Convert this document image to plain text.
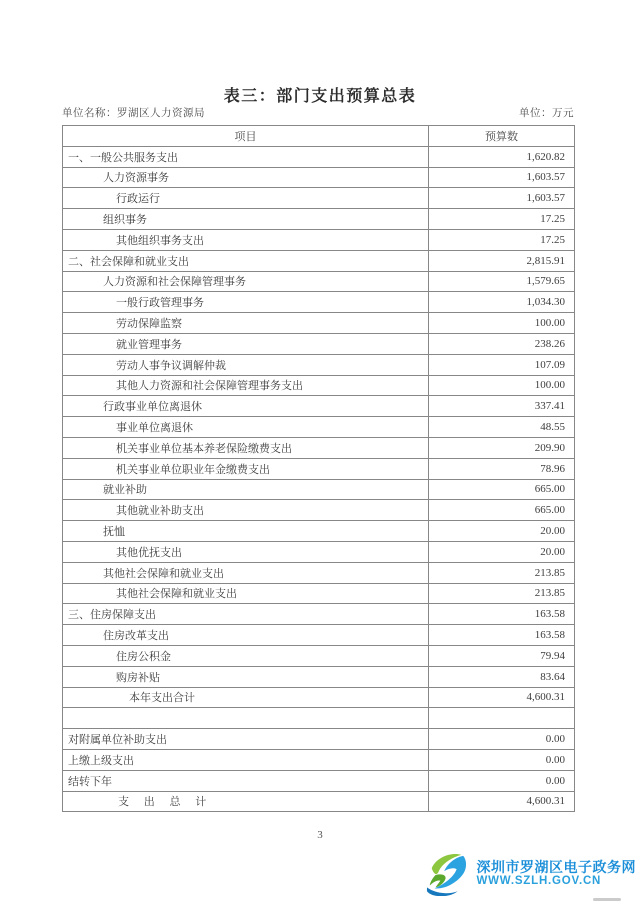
表三：部门支出预算总表
单位名称：罗湖区人力资源局	单位：万元
项目	预算数
一、一般公共服务支出	1,620.82
人力资源事务	1,603.57
行政运行	1,603.57
组织事务	17.25
其他组织事务支出	17.25
二、社会保障和就业支出	2,815.91
人力资源和社会保障管理事务	1,579.65
一般行政管理事务	1,034.30
劳动保障监察	100.00
就业管理事务	238.26
劳动人事争议调解仲裁	107.09
其他人力资源和社会保障管理事务支出	100.00
行政事业单位离退休	337.41
事业单位离退休	48.55
机关事业单位基本养老保险缴费支出	209.90
机关事业单位职业年金缴费支出	78.96
就业补助	665.00
其他就业补助支出	665.00
抚恤	20.00
其他优抚支出	20.00
其他社会保障和就业支出	213.85
其他社会保障和就业支出	213.85
三、住房保障支出	163.58
住房改革支出	163.58
住房公积金	79.94
购房补贴	83.64
本年支出合计	4,600.31

对附属单位补助支出	0.00
上缴上级支出	0.00
结转下年	0.00
支 出 总 计	4,600.31
3
深圳市罗湖区电子政务网
WWW.SZLH.GOV.CN
